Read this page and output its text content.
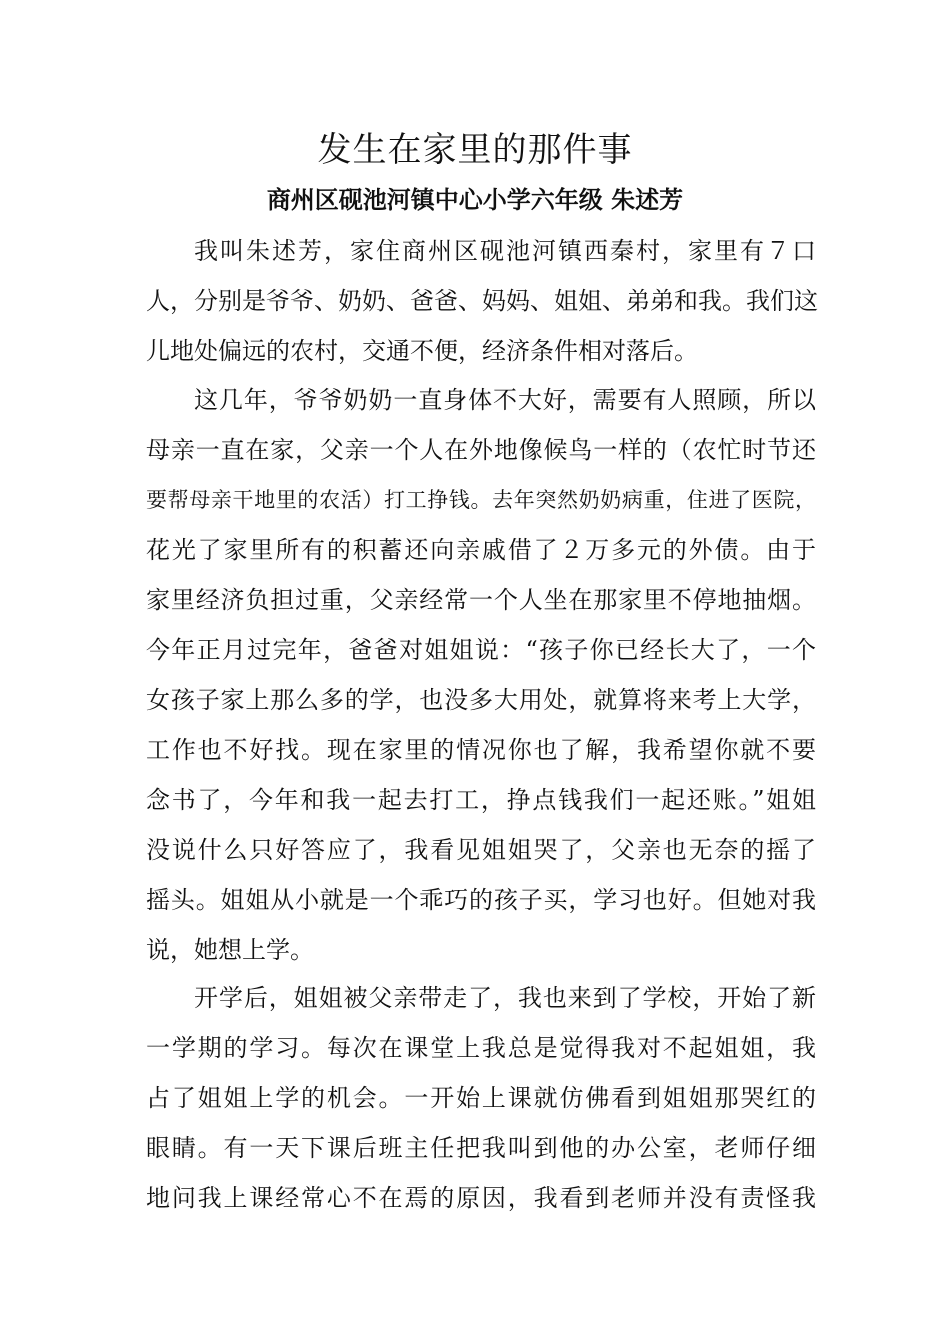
发生在家里的那件事
商州区砚池河镇中心小学六年级 朱述芳
我叫朱述芳，家住商州区砚池河镇西秦村，家里有７口
人，分别是爷爷、奶奶、爸爸、妈妈、姐姐、弟弟和我。我们这
儿地处偏远的农村，交通不便，经济条件相对落后。
这几年，爷爷奶奶一直身体不大好，需要有人照顾，所以
母亲一直在家，父亲一个人在外地像候鸟一样的（农忙时节还
要帮母亲干地里的农活）打工挣钱。去年突然奶奶病重，住进了医院，
花光了家里所有的积蓄还向亲戚借了２万多元的外债。由于
家里经济负担过重，父亲经常一个人坐在那家里不停地抽烟。
今年正月过完年，爸爸对姐姐说：“孩子你已经长大了，一个
女孩子家上那么多的学，也没多大用处，就算将来考上大学，
工作也不好找。现在家里的情况你也了解，我希望你就不要
念书了，今年和我一起去打工，挣点钱我们一起还账。”姐姐
没说什么只好答应了，我看见姐姐哭了，父亲也无奈的摇了
摇头。姐姐从小就是一个乖巧的孩子买，学习也好。但她对我
说，她想上学。
开学后，姐姐被父亲带走了，我也来到了学校，开始了新
一学期的学习。每次在课堂上我总是觉得我对不起姐姐，我
占了姐姐上学的机会。一开始上课就仿佛看到姐姐那哭红的
眼睛。有一天下课后班主任把我叫到他的办公室，老师仔细
地问我上课经常心不在焉的原因，我看到老师并没有责怪我
